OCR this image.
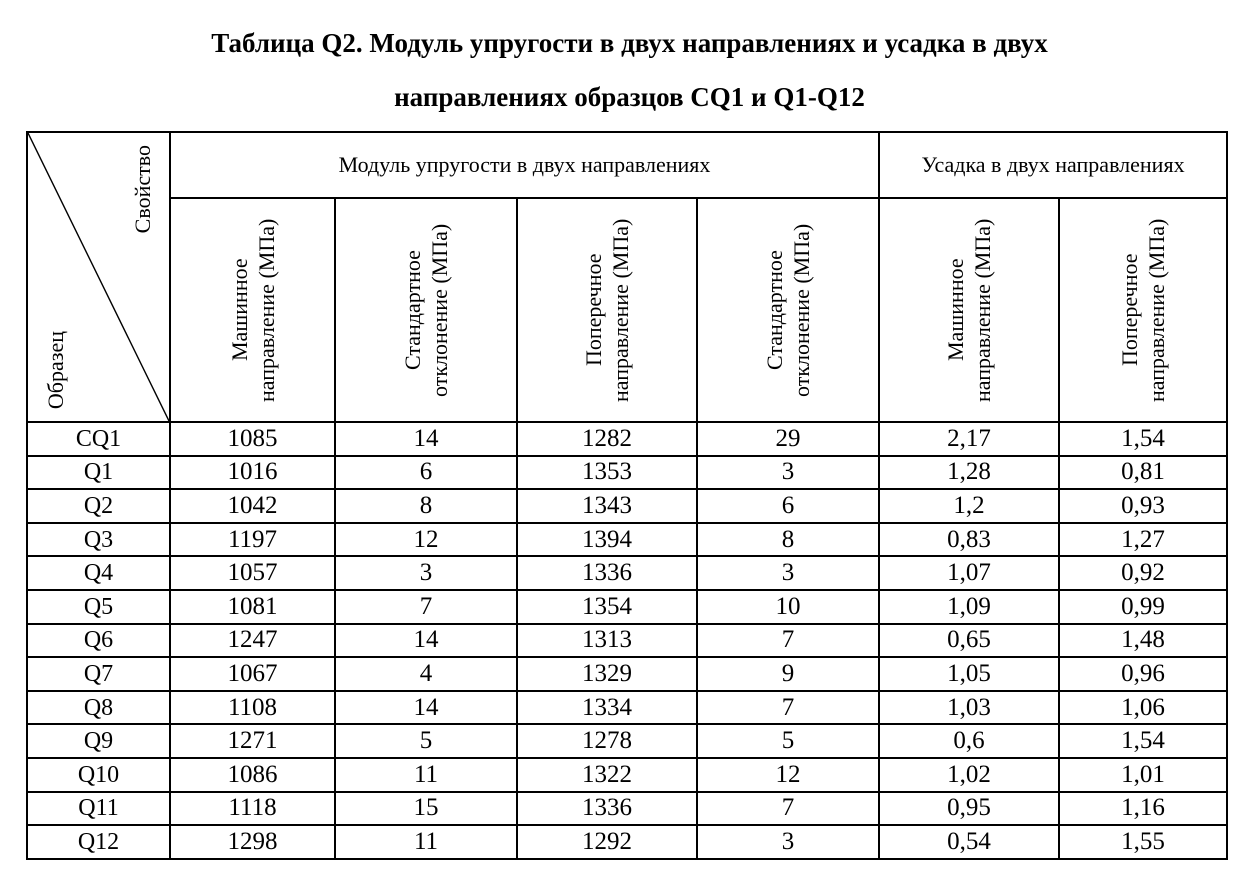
Таблица Q2. Модуль упругости в двух направлениях и усадка в двух
направлениях образцов CQ1 и Q1-Q12
Свойство
Образец	Модуль упругости в двух направлениях				Усадка в двух направлениях	

	Машинное направление (МПа)	Стандартное отклонение (МПа)	Поперечное направление (МПа)	Стандартное отклонение (МПа)	Машинное направление (МПа)	Поперечное направление (МПа)

CQ1	1085	14	1282	29	2,17	1,54
Q1	1016	6	1353	3	1,28	0,81
Q2	1042	8	1343	6	1,2	0,93
Q3	1197	12	1394	8	0,83	1,27
Q4	1057	3	1336	3	1,07	0,92
Q5	1081	7	1354	10	1,09	0,99
Q6	1247	14	1313	7	0,65	1,48
Q7	1067	4	1329	9	1,05	0,96
Q8	1108	14	1334	7	1,03	1,06
Q9	1271	5	1278	5	0,6	1,54
Q10	1086	11	1322	12	1,02	1,01
Q11	1118	15	1336	7	0,95	1,16
Q12	1298	11	1292	3	0,54	1,55
